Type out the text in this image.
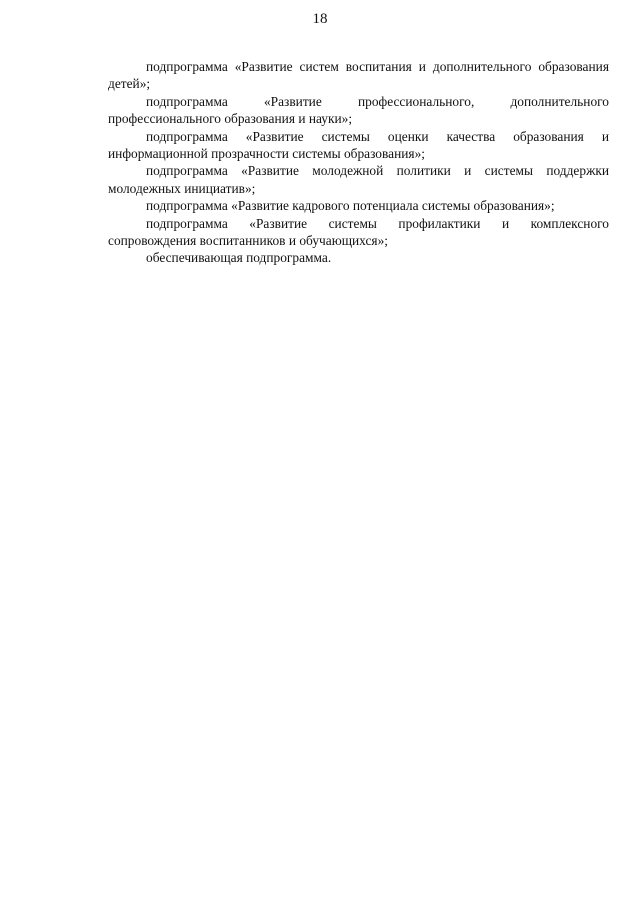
18

подпрограмма «Развитие систем воспитания и дополнительного образования детей»;

подпрограмма «Развитие профессионального, дополнительного профессионального образования и науки»;

подпрограмма «Развитие системы оценки качества образования и информационной прозрачности системы образования»;

подпрограмма «Развитие молодежной политики и системы поддержки молодежных инициатив»;

подпрограмма «Развитие кадрового потенциала системы образования»;

подпрограмма «Развитие системы профилактики и комплексного сопровождения воспитанников и обучающихся»;

обеспечивающая подпрограмма.
